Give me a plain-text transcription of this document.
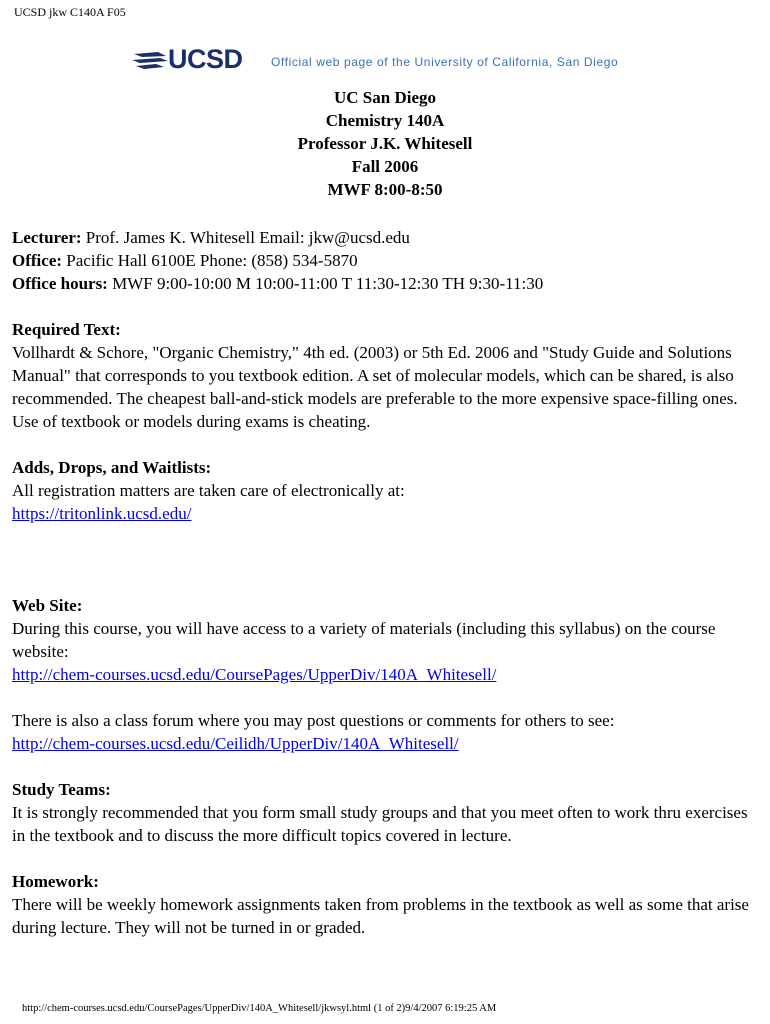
UCSD jkw C140A F05
UCSD Official web page of the University of California, San Diego
UC San Diego
Chemistry 140A
Professor J.K. Whitesell
Fall 2006
MWF 8:00-8:50

Lecturer: Prof. James K. Whitesell Email: jkw@ucsd.edu

Office: Pacific Hall 6100E Phone: (858) 534-5870

Office hours: MWF 9:00-10:00 M 10:00-11:00 T 11:30-12:30 TH 9:30-11:30

Required Text:

Vollhardt & Schore, "Organic Chemistry," 4th ed. (2003) or 5th Ed. 2006 and "Study Guide and Solutions Manual" that corresponds to you textbook edition. A set of molecular models, which can be shared, is also recommended. The cheapest ball-and-stick models are preferable to the more expensive space-filling ones. Use of textbook or models during exams is cheating.

Adds, Drops, and Waitlists:

All registration matters are taken care of electronically at:

https://tritonlink.ucsd.edu/

Web Site:

During this course, you will have access to a variety of materials (including this syllabus) on the course website:

http://chem-courses.ucsd.edu/CoursePages/UpperDiv/140A_Whitesell/

There is also a class forum where you may post questions or comments for others to see:

http://chem-courses.ucsd.edu/Ceilidh/UpperDiv/140A_Whitesell/

Study Teams:

It is strongly recommended that you form small study groups and that you meet often to work thru exercises in the textbook and to discuss the more difficult topics covered in lecture.

Homework:

There will be weekly homework assignments taken from problems in the textbook as well as some that arise during lecture. They will not be turned in or graded.

http://chem-courses.ucsd.edu/CoursePages/UpperDiv/140A_Whitesell/jkwsyl.html (1 of 2)9/4/2007 6:19:25 AM
